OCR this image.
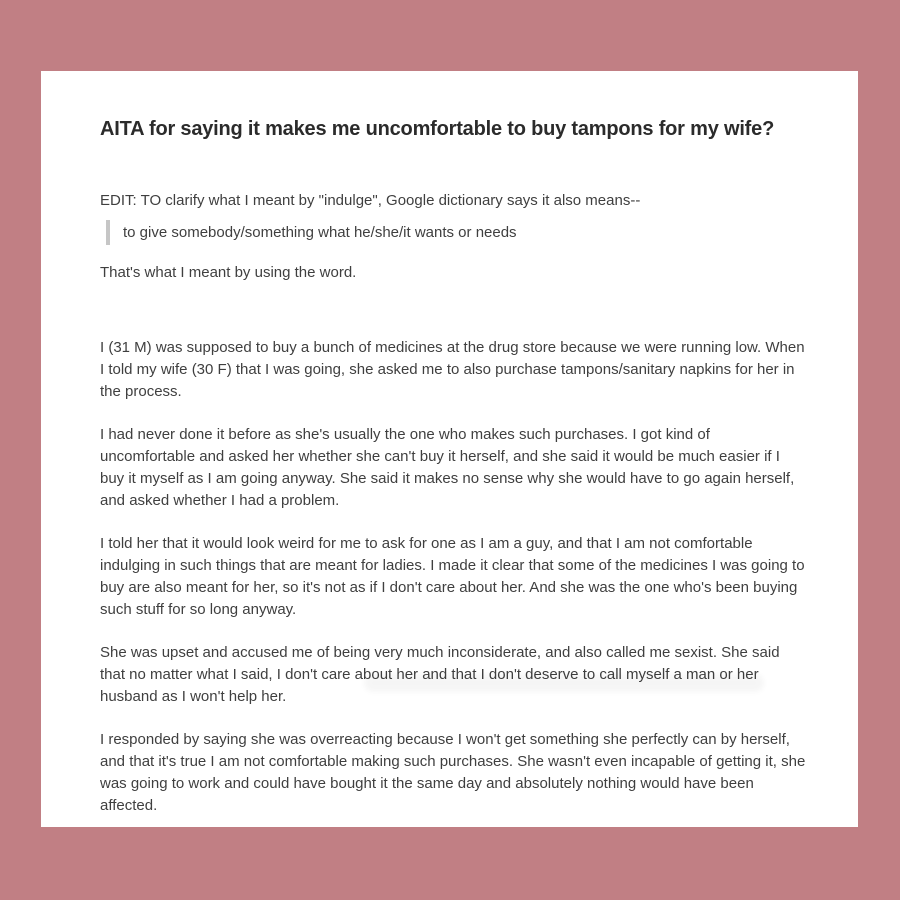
AITA for saying it makes me uncomfortable to buy tampons for my wife?

EDIT: TO clarify what I meant by "indulge", Google dictionary says it also means--

to give somebody/something what he/she/it wants or needs

That's what I meant by using the word.

I (31 M) was supposed to buy a bunch of medicines at the drug store because we were running low. When I told my wife (30 F) that I was going, she asked me to also purchase tampons/sanitary napkins for her in the process.

I had never done it before as she's usually the one who makes such purchases. I got kind of uncomfortable and asked her whether she can't buy it herself, and she said it would be much easier if I buy it myself as I am going anyway. She said it makes no sense why she would have to go again herself, and asked whether I had a problem.

I told her that it would look weird for me to ask for one as I am a guy, and that I am not comfortable indulging in such things that are meant for ladies. I made it clear that some of the medicines I was going to buy are also meant for her, so it's not as if I don't care about her. And she was the one who's been buying such stuff for so long anyway.

She was upset and accused me of being very much inconsiderate, and also called me sexist. She said that no matter what I said, I don't care about her and that I don't deserve to call myself a man or her husband as I won't help her.

I responded by saying she was overreacting because I won't get something she perfectly can by herself, and that it's true I am not comfortable making such purchases. She wasn't even incapable of getting it, she was going to work and could have bought it the same day and absolutely nothing would have been affected.
